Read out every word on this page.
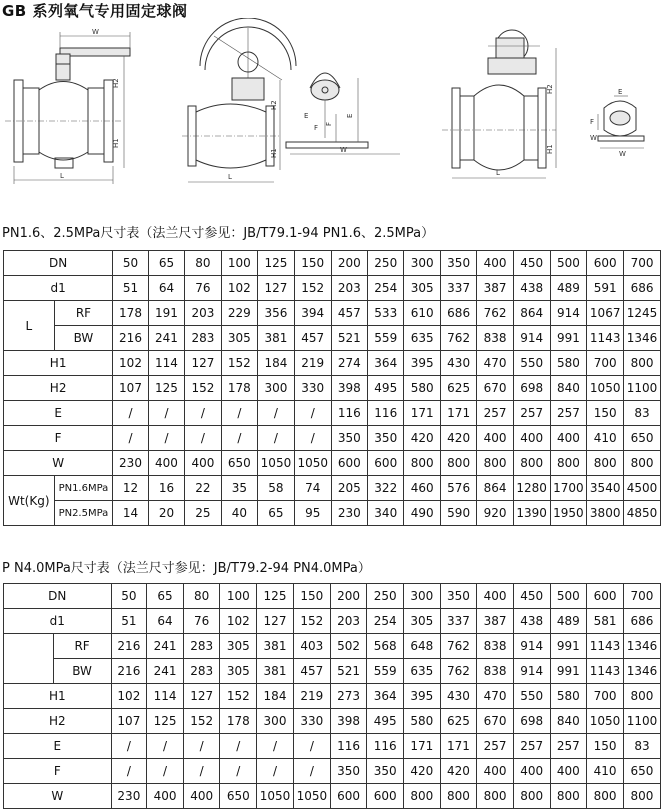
GB 系列氧气专用固定球阀
W
H2
H1
L
H2
H1
L
W
E
F
E
F
H2
H1
L
W
E
F
W
PN1.6、2.5MPa尺寸表（法兰尺寸参见：JB/T79.1-94 PN1.6、2.5MPa）
DN		50	65	80	100	125	150	200	250	300	350	400	450	500	600	700
d1		51	64	76	102	127	152	203	254	305	337	387	438	489	591	686
L	RF	178	191	203	229	356	394	457	533	610	686	762	864	914	1067	1245
	BW	216	241	283	305	381	457	521	559	635	762	838	914	991	1143	1346
H1		102	114	127	152	184	219	274	364	395	430	470	550	580	700	800
H2		107	125	152	178	300	330	398	495	580	625	670	698	840	1050	1100
E		/	/	/	/	/	/	116	116	171	171	257	257	257	150	83
F		/	/	/	/	/	/	350	350	420	420	400	400	400	410	650
W		230	400	400	650	1050	1050	600	600	800	800	800	800	800	800	800
Wt(Kg)	PN1.6MPa	12	16	22	35	58	74	205	322	460	576	864	1280	1700	3540	4500
	PN2.5MPa	14	20	25	40	65	95	230	340	490	590	920	1390	1950	3800	4850
P N4.0MPa尺寸表（法兰尺寸参见：JB/T79.2-94 PN4.0MPa）
DN		50	65	80	100	125	150	200	250	300	350	400	450	500	600	700
d1		51	64	76	102	127	152	203	254	305	337	387	438	489	581	686
	RF	216	241	283	305	381	403	502	568	648	762	838	914	991	1143	1346
	BW	216	241	283	305	381	457	521	559	635	762	838	914	991	1143	1346
H1		102	114	127	152	184	219	273	364	395	430	470	550	580	700	800
H2		107	125	152	178	300	330	398	495	580	625	670	698	840	1050	1100
E		/	/	/	/	/	/	116	116	171	171	257	257	257	150	83
F		/	/	/	/	/	/	350	350	420	420	400	400	400	410	650
W		230	400	400	650	1050	1050	600	600	800	800	800	800	800	800	800
